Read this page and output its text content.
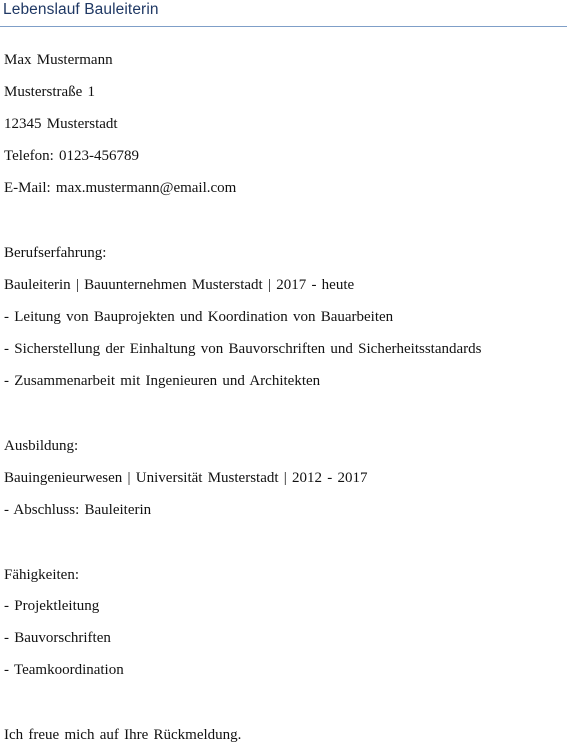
Lebenslauf Bauleiterin

Max Mustermann

Musterstraße 1

12345 Musterstadt

Telefon: 0123-456789

E-Mail: max.mustermann@email.com

Berufserfahrung:

Bauleiterin | Bauunternehmen Musterstadt | 2017 - heute

- Leitung von Bauprojekten und Koordination von Bauarbeiten

- Sicherstellung der Einhaltung von Bauvorschriften und Sicherheitsstandards

- Zusammenarbeit mit Ingenieuren und Architekten

Ausbildung:

Bauingenieurwesen | Universität Musterstadt | 2012 - 2017

- Abschluss: Bauleiterin

Fähigkeiten:

- Projektleitung

- Bauvorschriften

- Teamkoordination

Ich freue mich auf Ihre Rückmeldung.
